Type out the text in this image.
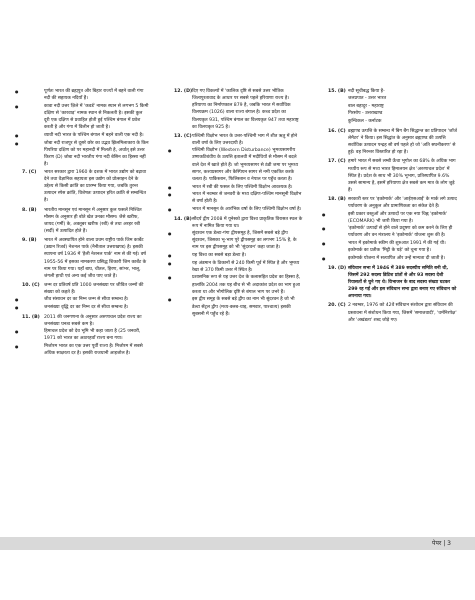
●	पूर्णतः भारत की ब्रह्मपुत्र और बिहार राज्यों में बहने वाली गंगा नदी की सहायक नदियाँ हैं।
●	कावा नदी उत्तर ज़िले में 'कवर्ड' नामक स्थान से लगभग 5 किमी दक्षिण से 'कारवाड़' नामक स्थान से निकलती है। इसकी कुल दूरी एक दक्षिण से प्रवाहित होती हुई पश्चिम बंगाल में प्रवेश करती है और गंगा में विलीन हो जाती है।
●	व्यावी नदी भारत के पश्चिम बंगाल में बहने वाली एक नदी है।
●	जोबा नदी राजपुर से दूसरे छोर का उद्भव झिलमिलाकाय के किन पिपरिया दक्षिण को पर महानदी में मिलती है, अर्थात् इसे उत्तर किरण (D) जोबा नदी भारतीय गंगा नदी बेसिन का हिस्सा नहीं है।
7. (C) भारत सरकार द्वारा 1960 के दशक में भारत उद्योग को बढ़ावा देने तथा वैज्ञानिक सहायता इस उद्योग को प्रोत्साहन देने के उद्देश्य से किसी क्रांति का प्रारम्भ किया गया, जबकि तुरन्त उत्पादन स्पेस क्रांति, विशेषतः उत्पादन हरित क्रांति से सम्बन्धित है।
8. (B) भारतीय मानसून एवं मानसून में अनुसार कुल फसलें निश्चित मौसम के अनुसार ही बोते खेत उनका मौसम। जैसे खरीफ, जायद (गर्मी) के, अक्तूबर खरीफ (रबी) से तथा अरहर रबी (सर्दी) में उत्पादित होते हैं।
9. (B) भारत में अवस्थापित होने वाला प्रथम राष्ट्रीय पार्क जिम कार्बेट (उद्यान रिजर्व) नेशनल पार्क (नैनीताल उत्तराखण्ड) है। इसकी स्थापना वर्ष 1936 में 'हैली नेशनल पार्क' नाम से की गई। वर्ष 1955-56 में इसका नामकरण प्रसिद्ध शिकारी जिम कार्बेट के नाम पर किया गया। यहाँ बाघ, चीतल, हिरण, सांभर, भालू, जंगली हाथी एवं अन्य कई जीव पाए जाते हैं।
10. (C) जन्म दर प्रतिवर्ष प्रति 1000 जनसंख्या पर जीवित जन्मों की संख्या को कहते हैं।
●	जीव संसाधन दर का निम्न जन्म से सीधा सम्बन्ध है।
●	जनसंख्या वृद्धि दर का निम्न दर से सीधा सम्बन्ध है।
11. (B) 2011 की जनगणना के अनुसार अरुणाचल प्रदेश राज्य का जनसंख्या घनत्व सबसे कम है।
●	हिमाचल प्रदेश को देव भूमि भी कहा जाता है (25 जनवरी, 1971 को भारत का अठारहवाँ राज्य बना गया।
●	मिजोरम भारत का एक उत्तर पूर्वी राज्य है। मिजोरम में सबसे अधिक साक्षरता दर है। इसकी राजधानी आइजोल है।
12. (D) दिए गए विकल्पों में 'कालिक दृष्टि से सबसे उत्तर भौतिक जिलापुरतावाद के आधार पर सबसे पहले हरियाणा राज्य है। हरियाणा का निर्माणकाल 879 है, जबकि भारत में सर्वाधिक विलयक्रम (1026) वाला राज्य बंगाल है। कच्च प्रदेश का विलयकृत 931, पश्चिम बंगाल का विलयकृत 947 तथा महाराष्ट्र का विलयकृत 925 है।
13. (C) पश्चिमी विक्षोभ भारत के उत्तर-पश्चिमी भाग में शीत ऋतु में होने वाली वर्षा के लिए उत्तरदायी है।
●	पश्चिमी विक्षोभ (Western Disturbance) भूमध्यसागरीय उष्णकटिबंधीय के उत्पत्ति इतालवी में मदीधियों से मौसम में बदले वाले देश में खाते होते हैं। जो भूमध्यसागर से ठंडी जमा पर भूमध्य सागर, कश्यप्रसागर और कैस्पियन सागर से नमी एकत्रित करके चलता है। पाकिस्तान, फिलिस्तान व नेपाल पर पहुँच करता है।
●	भारत में रबी की फसल के लिए पश्चिमी विक्षोभ आवश्यक है।
●	भारत में नवम्बर से जनवरी के मध्य दक्षिण-पश्चिम मानसूनी विक्षोभ से वर्षा होती है।
●	भारत में मानसून के आरंभिक वर्षा के लिए पश्चिमी विक्षोभ वर्षा है।
14. (B) सौंदर्य द्वीप 2008 में यूनेस्को द्वारा विश्व प्राकृतिक विरासत स्थल के रूप में नामित किया गया था।
●	सुंदरवन एक डेल्टा-गंगा द्वीपसमूह है, जिसमें सबसे बड़े द्वीप सुंदरवन, जिसका भू-भाग पूरे द्वीपसमूह का लगभग 15% है, के नाम पर इस द्वीपसमूह को भी 'सुंदरवन' कहा जाता है।
●	यह विश्व का सबसे बड़ा डेल्टा है।
●	यह अंडमान के ठिकानों से 240 किमी पूर्व में स्थित है और भूमध्य रेखा से 370 किमी उत्तर में स्थित है।
●	प्रशासनिक रूप से यह उत्तर देश के कलासहित प्रदेश का हिस्सा है, हालांकि 2004 तक यह बीच से भी अदाकांश प्रदेश का भाग हुआ करता था और भौगोलिक दृष्टि से बंगाल भाग पर उभरे हैं।
●	इस द्वीप समूह के सबसे बड़े द्वीप का नाम भी सुंदरवन है जो भी डेल्टा सेंट्रल द्वीप (मध्य-क्लब-थाइ, समवार, पाश्चात्य) इसकी सुबसनी में पहुँच रहे हैं।
15. (B) नदी सूचीबद्ध किया है-
जलप्रपात - उत्तर भारत
बाल बहादुर - महाराष्ट्र
गिरसोप - उत्तराखण्ड
कुन्चिकल - कर्नाटक
16. (C) ब्रह्माण्ड उत्पत्ति के सम्बन्ध में बिग बैंग सिद्धान्त का प्रतिपादन 'जॉर्ज लेमैटर' ने किया। इस सिद्धांत के अनुसार ब्रह्माण्ड की उत्पत्ति सर्वाधिक उत्पादन पन्द्रह सौ वर्ष पहले हो जो 'अति सघनीकरण' से हुई। वह निरन्तर विस्तारित हो रहा है।
17. (C) हमारे भारत में सबसे लम्बी ऊँचा भूगोल का 68% के अधिक भाग मध्यीय रूप से मध्य भारत हिमालयन क्षेत्र 'अरुणाचल प्रदेश' में स्थित है। प्रदेश के साथ भी 30% भूभाग, प्रतिस्थापित 9.6% उससे सामान्य है, इसमें हरियाणा क्षेत्र सबसे कम मात्र के लोग जुड़े हैं।
18. (B) सरकारी स्तर पर 'इकोमार्क' और 'आईएसआई' के मार्क लगे उत्पाद पर्यावरण के अनुकूल और प्रामाणिकता का संकेत देते हैं।
●	इसी प्रकार वस्तुओं और उत्पादों पर एक नया चिह्न 'इकोमार्क' (ECOMARK) भी जारी किया गया है।
●	'इकोमार्क' उत्पादों से होने वाले प्रदूषण को कम करने के लिए ही पर्यावरण और वन मंत्रालय ने 'इकोमार्क' योजना शुरू की है।
●	भारत में इकोमार्क स्कीम की शुरुआत 1991 में की गई थी। इकोमार्क का प्रतीक 'मिट्टी के घड़े' को चुना गया है।
●	इकोमार्क योजना में सत्यापित और उन्हें मान्यता दी जाती है।
19. (D) संविधान सभा में 1946 में 389 सदस्यीय समिति बनी थी, जिसमें 292 सदस्य ब्रिटिश प्रांतों से और 93 सदस्य देशी रियासतों से चुने गए थे। विभाजन के बाद सदस्य संख्या घटकर 299 रह गई और इस संविधान सभा द्वारा बनाए गए संविधान को अपनाया गया।
20. (C) 2 नवम्बर, 1976 को 42वें संविधान संशोधन द्वारा संविधान की प्रस्तावना में संशोधन किया गया, जिसमें 'समाजवादी', 'धर्मनिरपेक्ष' और 'अखंडता' शब्द जोड़े गए।
पेपर | 3
